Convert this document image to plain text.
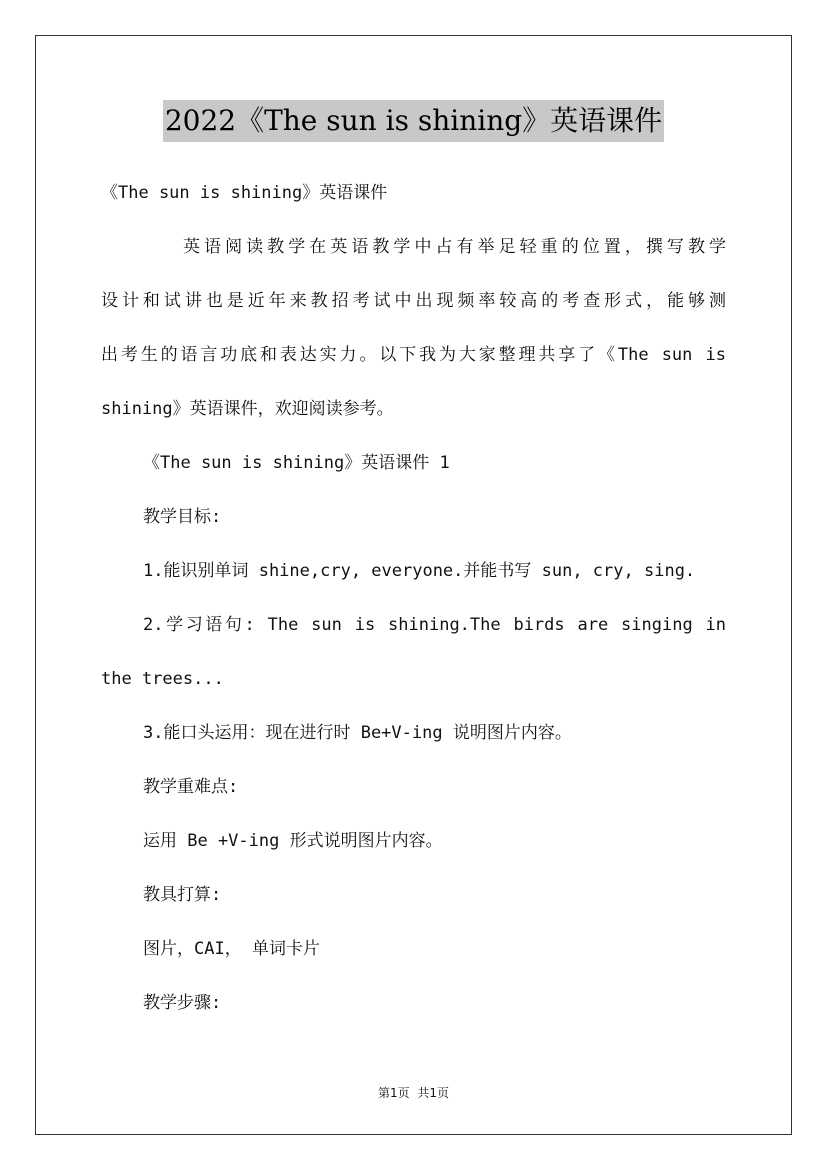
2022《The sun is shining》英语课件
《The sun is shining》英语课件
英语阅读教学在英语教学中占有举足轻重的位置，撰写教学
设计和试讲也是近年来教招考试中出现频率较高的考查形式，能够测
出考生的语言功底和表达实力。以下我为大家整理共享了《The sun is
shining》英语课件，欢迎阅读参考。
《The sun is shining》英语课件 1
教学目标:
1.能识别单词 shine,cry, everyone.并能书写 sun, cry, sing.
2.学习语句: The sun is shining.The birds are singing in
the trees...
3.能口头运用：现在进行时 Be+V-ing 说明图片内容。
教学重难点:
运用 Be +V-ing 形式说明图片内容。
教具打算:
图片，CAI， 单词卡片
教学步骤:
第1页 共1页
